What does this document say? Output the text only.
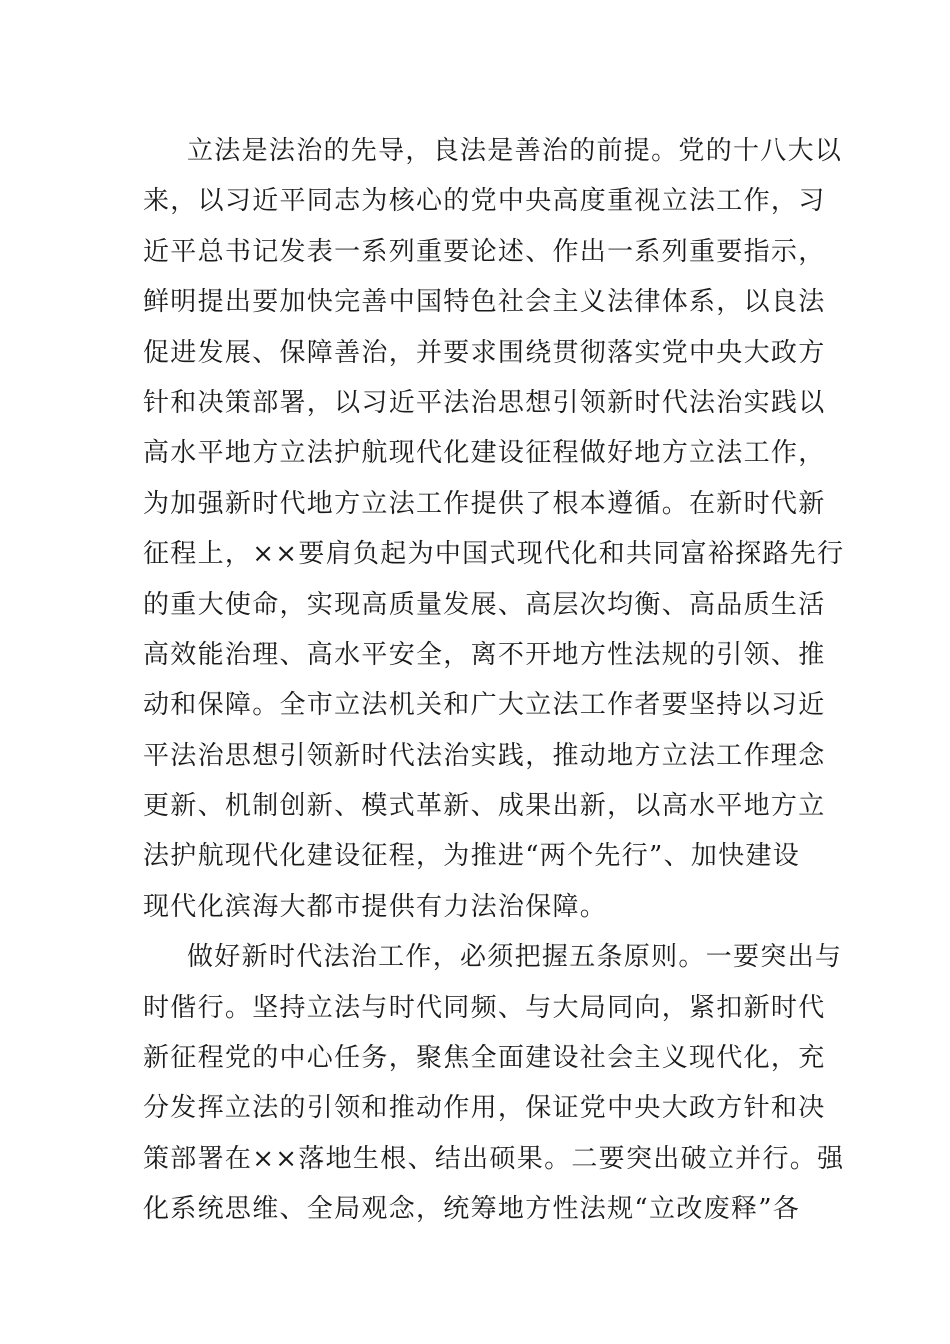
立法是法治的先导，良法是善治的前提。党的十八大以
来，以习近平同志为核心的党中央高度重视立法工作，习
近平总书记发表一系列重要论述、作出一系列重要指示，
鲜明提出要加快完善中国特色社会主义法律体系，以良法
促进发展、保障善治，并要求围绕贯彻落实党中央大政方
针和决策部署，以习近平法治思想引领新时代法治实践以
高水平地方立法护航现代化建设征程做好地方立法工作，
为加强新时代地方立法工作提供了根本遵循。在新时代新
征程上，××要肩负起为中国式现代化和共同富裕探路先行
的重大使命，实现高质量发展、高层次均衡、高品质生活
高效能治理、高水平安全，离不开地方性法规的引领、推
动和保障。全市立法机关和广大立法工作者要坚持以习近
平法治思想引领新时代法治实践，推动地方立法工作理念
更新、机制创新、模式革新、成果出新，以高水平地方立
法护航现代化建设征程，为推进“两个先行”、加快建设
现代化滨海大都市提供有力法治保障。
做好新时代法治工作，必须把握五条原则。一要突出与
时偕行。坚持立法与时代同频、与大局同向，紧扣新时代
新征程党的中心任务，聚焦全面建设社会主义现代化，充
分发挥立法的引领和推动作用，保证党中央大政方针和决
策部署在××落地生根、结出硕果。二要突出破立并行。强
化系统思维、全局观念，统筹地方性法规“立改废释”各
